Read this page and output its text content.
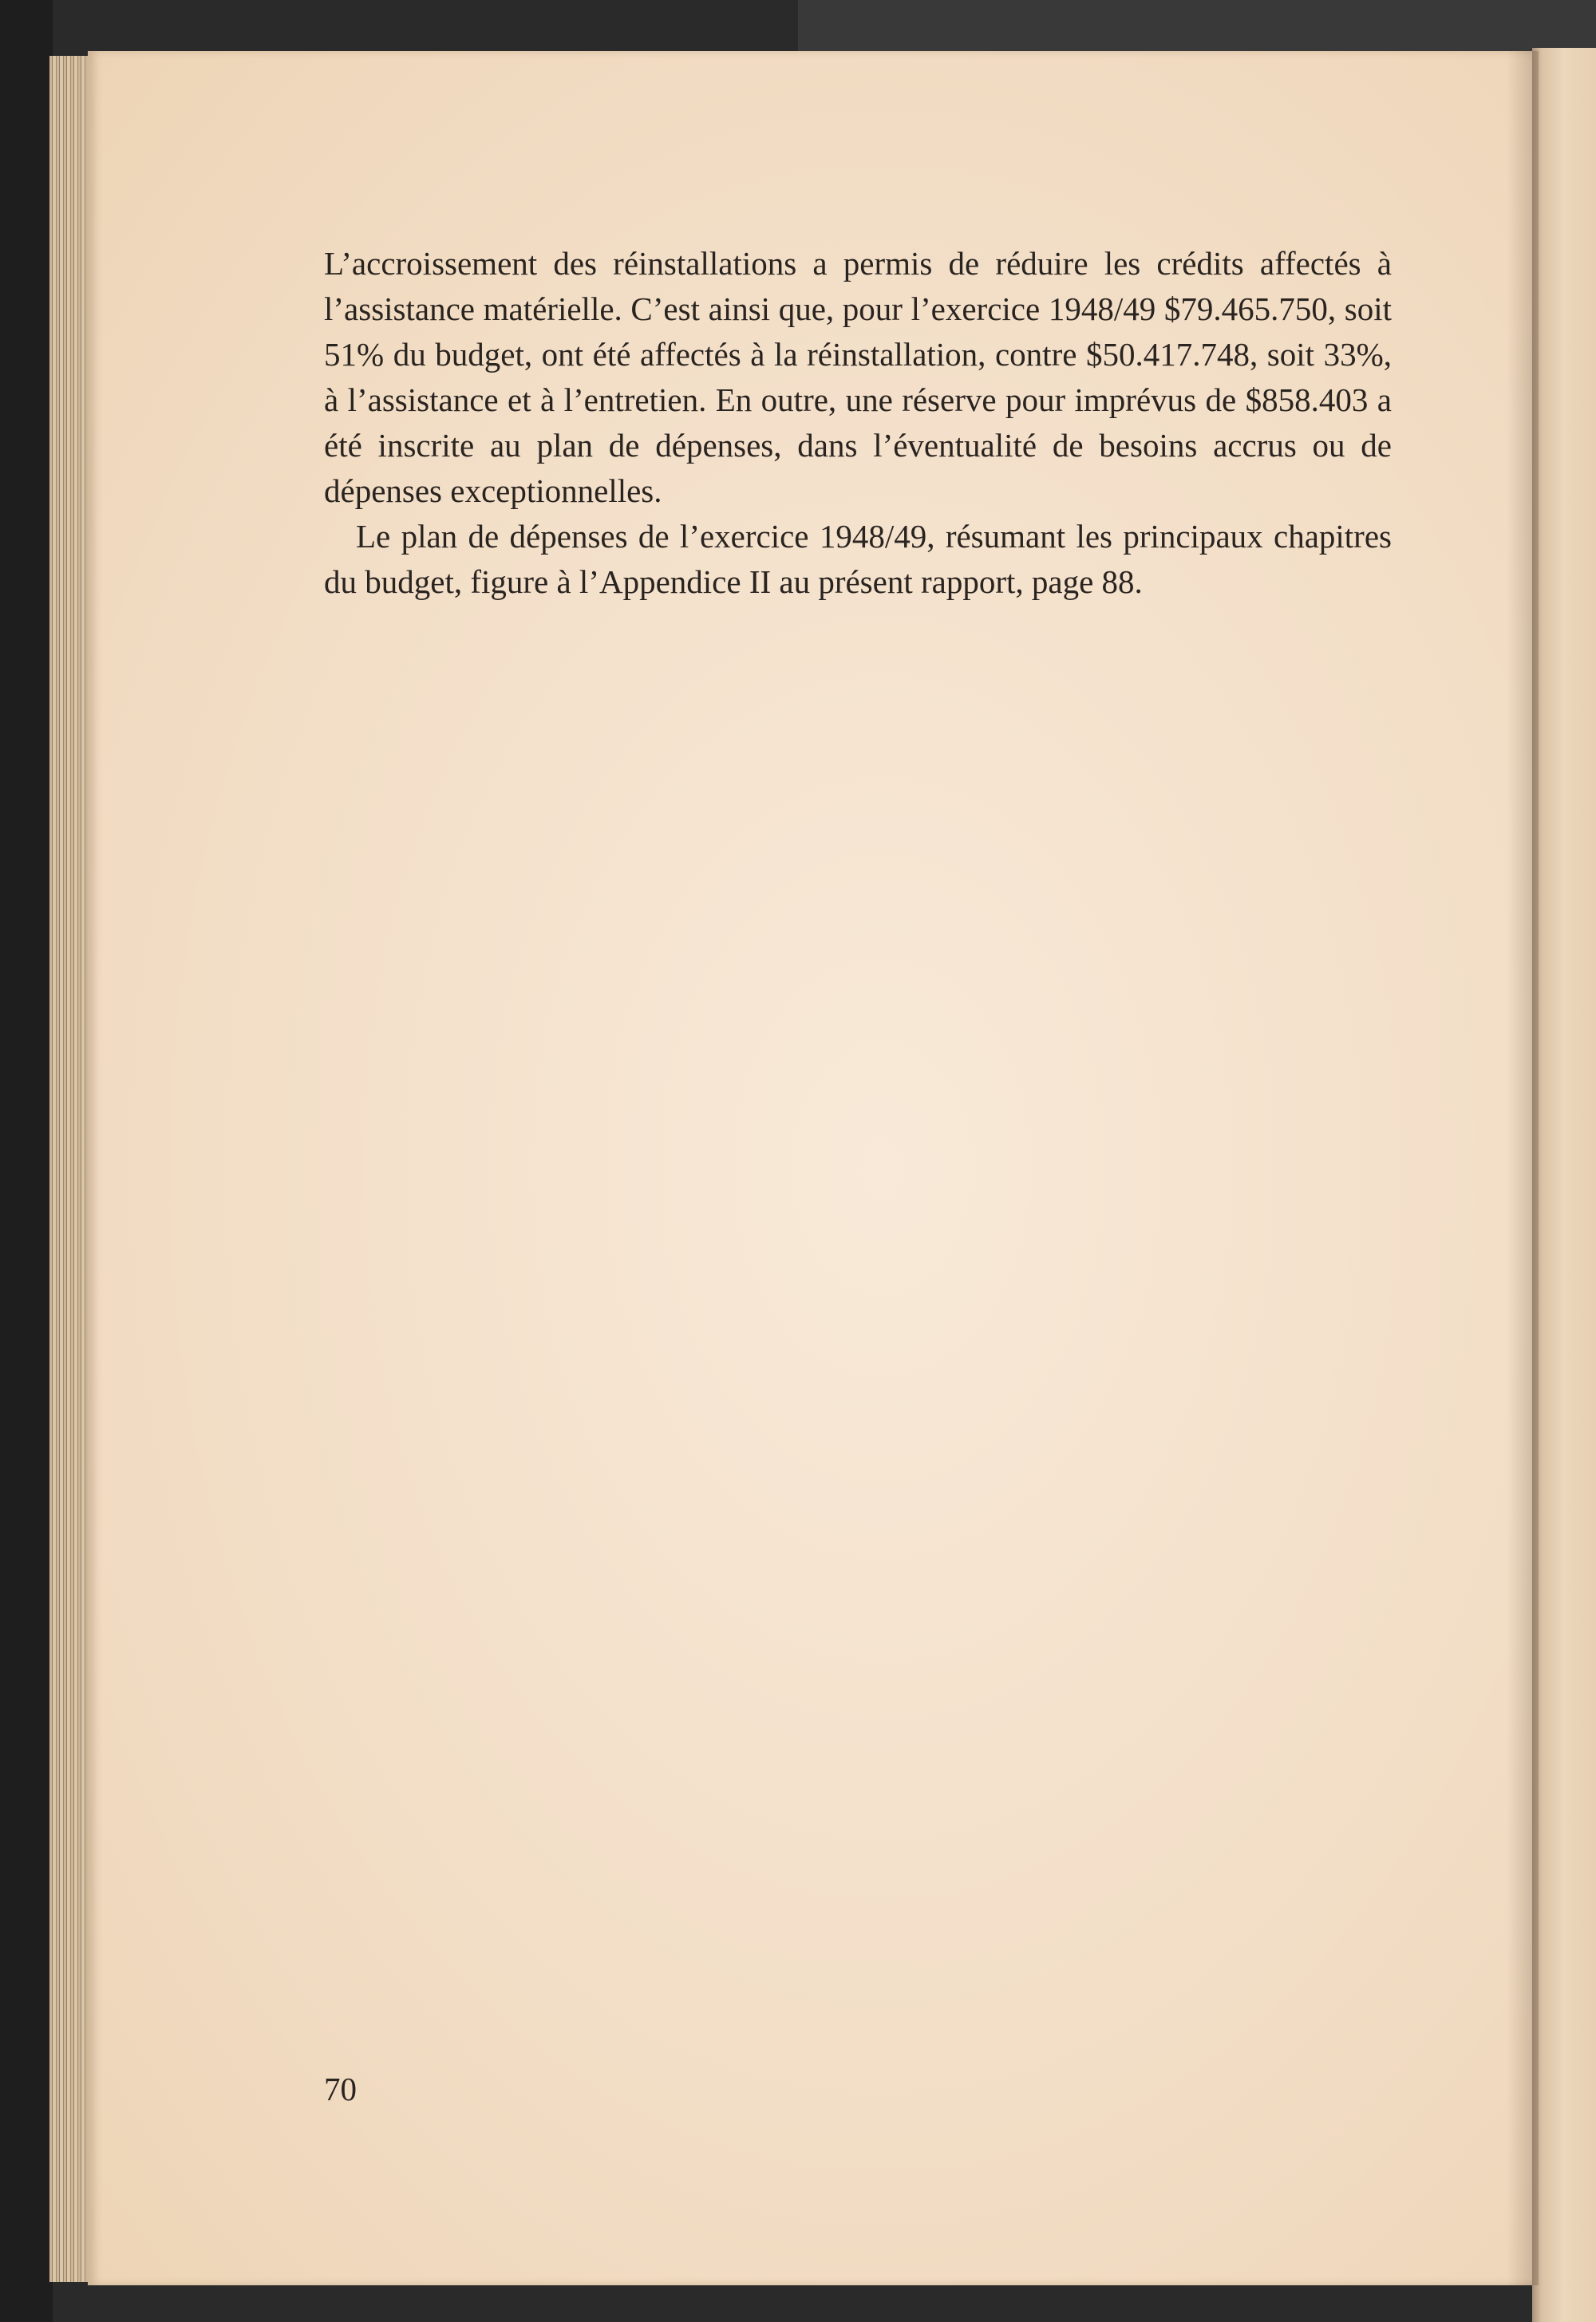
L’accroissement des réinstallations a permis de réduire les crédits affectés à l’assistance matérielle. C’est ainsi que, pour l’exercice 1948/49 $79.465.750, soit 51% du budget, ont été affectés à la réinstallation, contre $50.417.748, soit 33%, à l’assistance et à l’entretien. En outre, une réserve pour imprévus de $858.403 a été inscrite au plan de dépenses, dans l’éventualité de besoins accrus ou de dépenses exceptionnelles.

Le plan de dépenses de l’exercice 1948/49, résumant les principaux chapitres du budget, figure à l’Appendice II au présent rapport, page 88.

70
